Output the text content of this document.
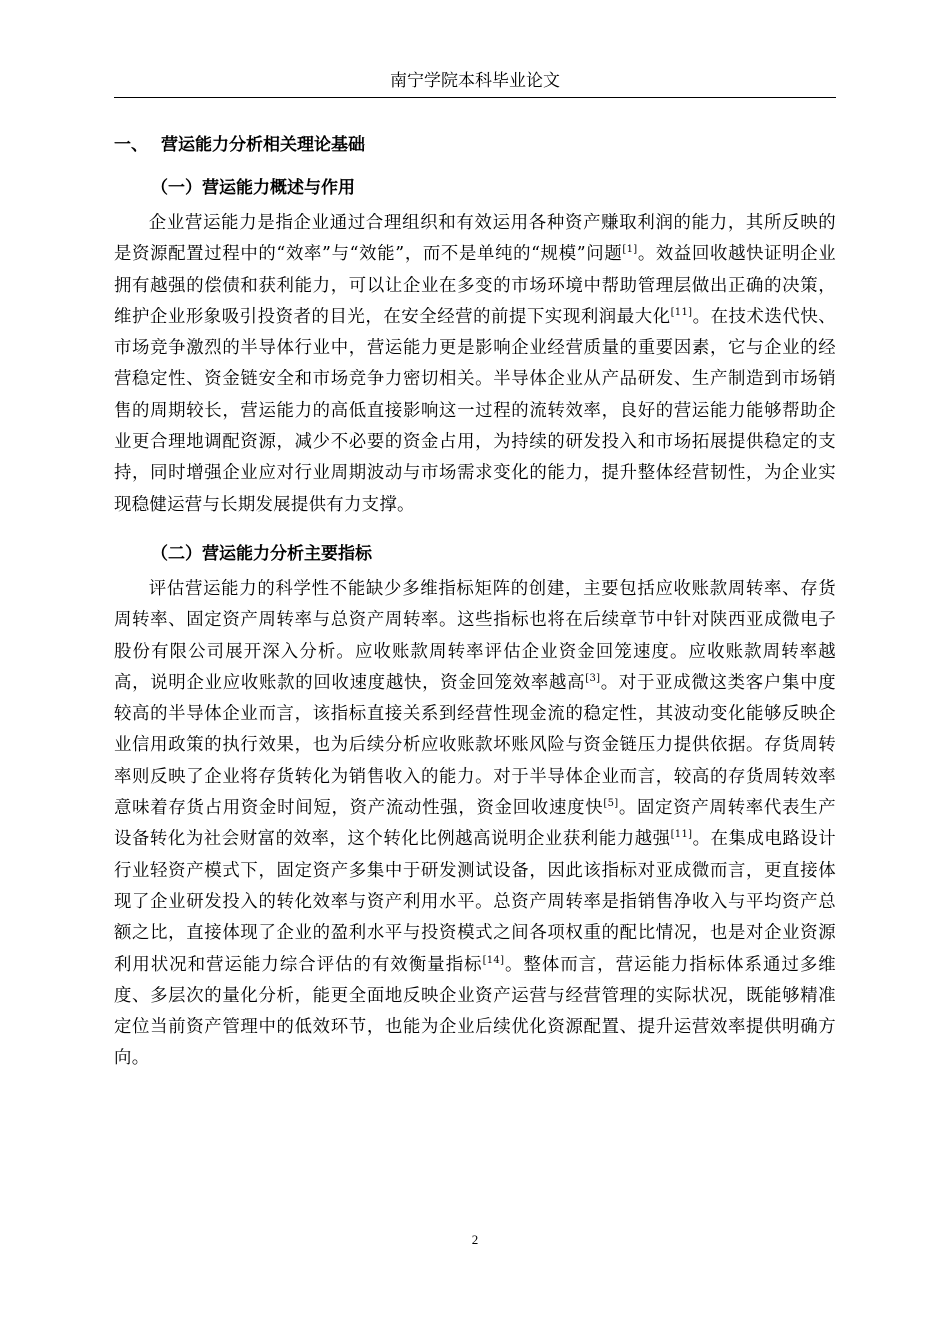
南宁学院本科毕业论文
一、 营运能力分析相关理论基础
（一）营运能力概述与作用

企业营运能力是指企业通过合理组织和有效运用各种资产赚取利润的能力，其所反映的是资源配置过程中的“效率”与“效能”，而不是单纯的“规模”问题[1]。效益回收越快证明企业拥有越强的偿债和获利能力，可以让企业在多变的市场环境中帮助管理层做出正确的决策，维护企业形象吸引投资者的目光，在安全经营的前提下实现利润最大化[11]。在技术迭代快、市场竞争激烈的半导体行业中，营运能力更是影响企业经营质量的重要因素，它与企业的经营稳定性、资金链安全和市场竞争力密切相关。半导体企业从产品研发、生产制造到市场销售的周期较长，营运能力的高低直接影响这一过程的流转效率，良好的营运能力能够帮助企业更合理地调配资源，减少不必要的资金占用，为持续的研发投入和市场拓展提供稳定的支持，同时增强企业应对行业周期波动与市场需求变化的能力，提升整体经营韧性，为企业实现稳健运营与长期发展提供有力支撑。

（二）营运能力分析主要指标

评估营运能力的科学性不能缺少多维指标矩阵的创建，主要包括应收账款周转率、存货周转率、固定资产周转率与总资产周转率。这些指标也将在后续章节中针对陕西亚成微电子股份有限公司展开深入分析。应收账款周转率评估企业资金回笼速度。应收账款周转率越高，说明企业应收账款的回收速度越快，资金回笼效率越高[3]。对于亚成微这类客户集中度较高的半导体企业而言，该指标直接关系到经营性现金流的稳定性，其波动变化能够反映企业信用政策的执行效果，也为后续分析应收账款坏账风险与资金链压力提供依据。存货周转率则反映了企业将存货转化为销售收入的能力。对于半导体企业而言，较高的存货周转效率意味着存货占用资金时间短，资产流动性强，资金回收速度快[5]。固定资产周转率代表生产设备转化为社会财富的效率，这个转化比例越高说明企业获利能力越强[11]。在集成电路设计行业轻资产模式下，固定资产多集中于研发测试设备，因此该指标对亚成微而言，更直接体现了企业研发投入的转化效率与资产利用水平。总资产周转率是指销售净收入与平均资产总额之比，直接体现了企业的盈利水平与投资模式之间各项权重的配比情况，也是对企业资源利用状况和营运能力综合评估的有效衡量指标[14]。整体而言，营运能力指标体系通过多维度、多层次的量化分析，能更全面地反映企业资产运营与经营管理的实际状况，既能够精准定位当前资产管理中的低效环节，也能为企业后续优化资源配置、提升运营效率提供明确方向。

2
